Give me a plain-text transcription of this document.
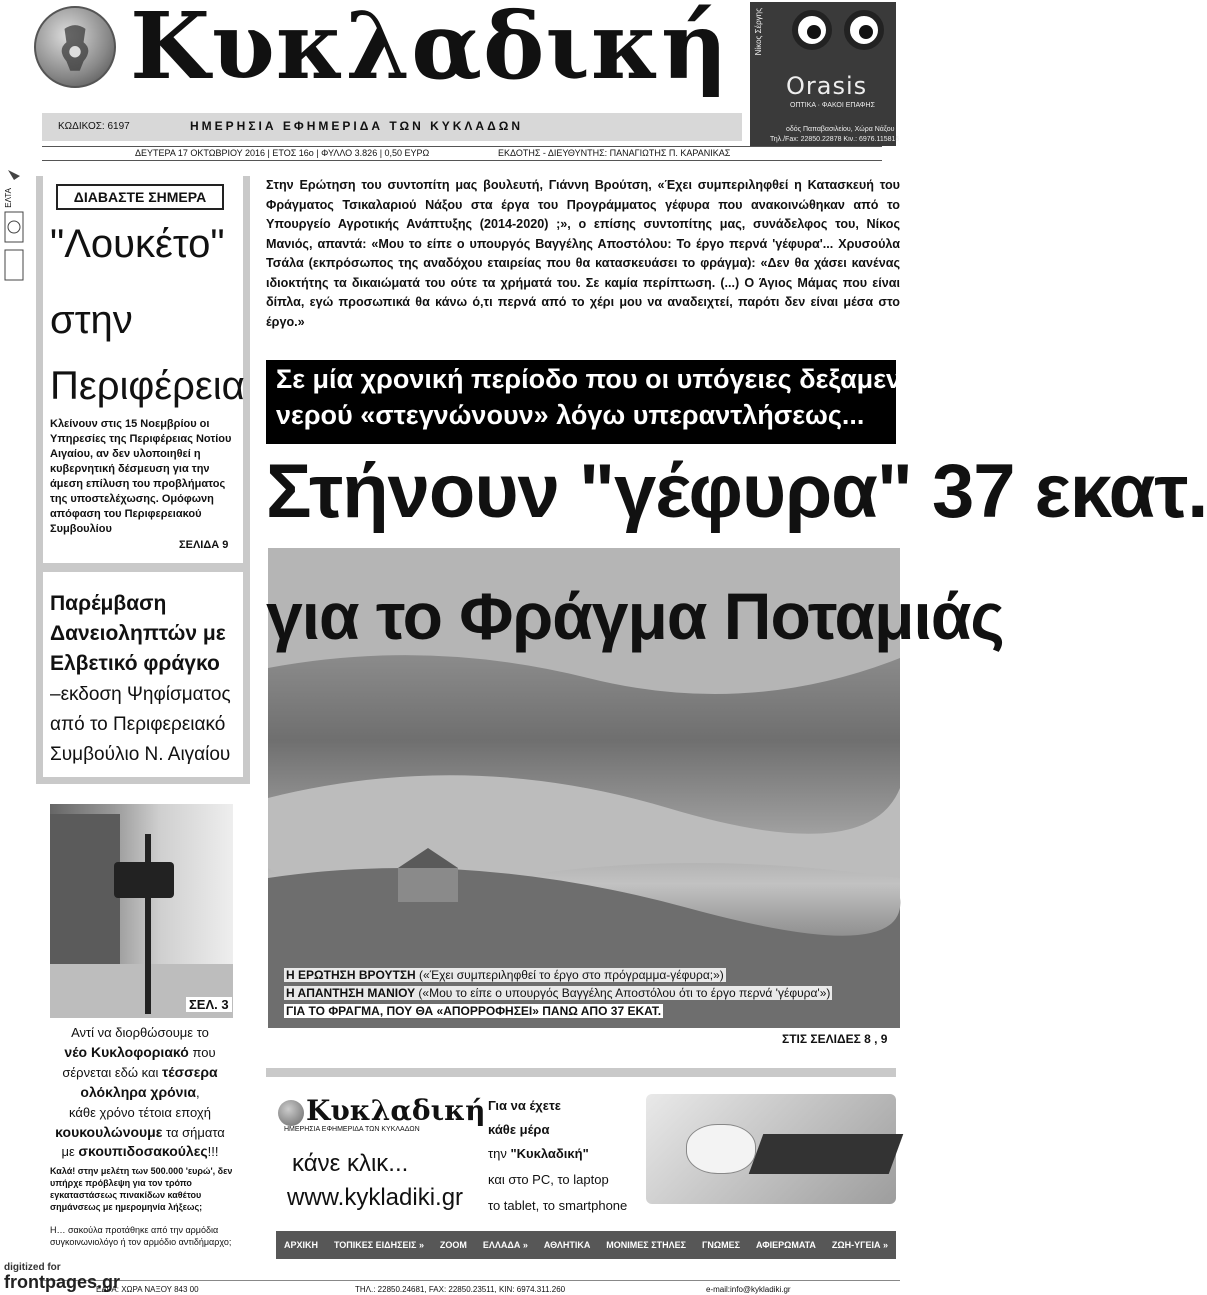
Κυκλαδική	Νίκος Σέργης
Orasis
ΟΠΤΙΚΑ · ΦΑΚΟΙ ΕΠΑΦΗΣ
οδός Παπαβασιλείου, Χώρα Νάξου
Τηλ./Fax: 22850.22878 Κιν.: 6976.115815
ΚΩΔΙΚΟΣ: 6197	ΗΜΕΡΗΣΙΑ ΕΦΗΜΕΡΙΔΑ ΤΩΝ ΚΥΚΛΑΔΩΝ
ΔΕΥΤΕΡΑ 17 ΟΚΤΩΒΡΙΟΥ 2016 | ΕΤΟΣ 16ο | ΦΥΛΛΟ 3.826 | 0,50 ΕΥΡΩ	ΕΚΔΟΤΗΣ - ΔΙΕΥΘΥΝΤΗΣ: ΠΑΝΑΓΙΩΤΗΣ Π. ΚΑΡΑΝΙΚΑΣ
ΕΛΤΑ	ΔΙΑΒΑΣΤΕ ΣΗΜΕΡΑ
"Λουκέτο"
στην
Περιφέρεια
Κλείνουν στις 15 Νοεμβρίου οι Υπηρεσίες της Περιφέρειας Νοτίου Αιγαίου, αν δεν υλοποιηθεί η κυβερνητική δέσμευση για την άμεση επίλυση του προβλήματος της υποστελέχωσης. Ομόφωνη απόφαση του Περιφερειακού Συμβουλίου
ΣΕΛΙΔΑ 9
Παρέμβαση
Δανειοληπτών με
Ελβετικό φράγκο
–εκδοση Ψηφίσματος
από το Περιφερειακό
Συμβούλιο Ν. Αιγαίου
ΣΕΛ. 3
Αντί να διορθώσουμε το
νέο Κυκλοφοριακό που
σέρνεται εδώ και τέσσερα
ολόκληρα χρόνια,
κάθε χρόνο τέτοια εποχή
κουκουλώνουμε τα σήματα
με σκουπιδοσακούλες!!!
Καλά! στην μελέτη των 500.000 'ευρώ', δεν υπήρχε πρόβλεψη για τον τρόπο εγκαταστάσεως πινακίδων καθέτου σημάνσεως με ημερομηνία λήξεως;
Η… σακούλα προτάθηκε από την αρμόδια συγκοινωνιολόγο ή τον αρμόδιο αντιδήμαρχο;
Στην Ερώτηση του συντοπίτη μας βουλευτή, Γιάννη Βρούτση, «Έχει συμπεριληφθεί η Κατασκευή του Φράγματος Τσικαλαριού Νάξου στα έργα του Προγράμματος γέφυρα που ανακοινώθηκαν από το Υπουργείο Αγροτικής Ανάπτυξης (2014-2020) ;», ο επίσης συντοπίτης μας, συνάδελφος του, Νίκος Μανιός, απαντά: «Μου το είπε ο υπουργός Βαγγέλης Αποστόλου: Το έργο περνά 'γέφυρα'... Χρυσούλα Τσάλα (εκπρόσωπος της αναδόχου εταιρείας που θα κατασκευάσει το φράγμα): «Δεν θα χάσει κανένας ιδιοκτήτης τα δικαιώματά του ούτε τα χρήματά του. Σε καμία περίπτωση. (...) Ο Άγιος Μάμας που είναι δίπλα, εγώ προσωπικά θα κάνω ό,τι περνά από το χέρι μου να αναδειχτεί, παρότι δεν είναι μέσα στο έργο.»
Σε μία χρονική περίοδο που οι υπόγειες δεξαμενές
νερού «στεγνώνουν» λόγω υπεραντλήσεως...
Στήνουν "γέφυρα" 37 εκατ.
για το Φράγμα Ποταμιάς
Η ΕΡΩΤΗΣΗ ΒΡΟΥΤΣΗ («Έχει συμπεριληφθεί το έργο στο πρόγραμμα-γέφυρα;»)
Η ΑΠΑΝΤΗΣΗ ΜΑΝΙΟΥ («Μου το είπε ο υπουργός Βαγγέλης Αποστόλου ότι το έργο περνά 'γέφυρα'»)
ΓΙΑ ΤΟ ΦΡΑΓΜΑ, ΠΟΥ ΘΑ «ΑΠΟΡΡΟΦΗΣΕΙ» ΠΑΝΩ ΑΠΟ 37 ΕΚΑΤ.
ΣΤΙΣ ΣΕΛΙΔΕΣ 8 , 9
Κυκλαδική
ΗΜΕΡΗΣΙΑ ΕΦΗΜΕΡΙΔΑ ΤΩΝ ΚΥΚΛΑΔΩΝ
κάνε κλικ...
www.kykladiki.gr
Για να έχετε
κάθε μέρα
την "Κυκλαδική"
και στο PC, το laptop
το tablet, το smartphone
ΑΡΧΙΚΗ ΤΟΠΙΚΕΣ ΕΙΔΗΣΕΙΣ » ZOOM ΕΛΛΑΔΑ » ΑΘΛΗΤΙΚΑ ΜΟΝΙΜΕΣ ΣΤΗΛΕΣ ΓΝΩΜΕΣ ΑΦΙΕΡΩΜΑΤΑ ΖΩΗ-ΥΓΕΙΑ »
digitized for
frontpages.gr
ΕΔΡΑ: ΧΩΡΑ ΝΑΞΟΥ 843 00	ΤΗΛ.: 22850.24681, FAX: 22850.23511, ΚΙΝ: 6974.311.260	e-mail:info@kykladiki.gr
